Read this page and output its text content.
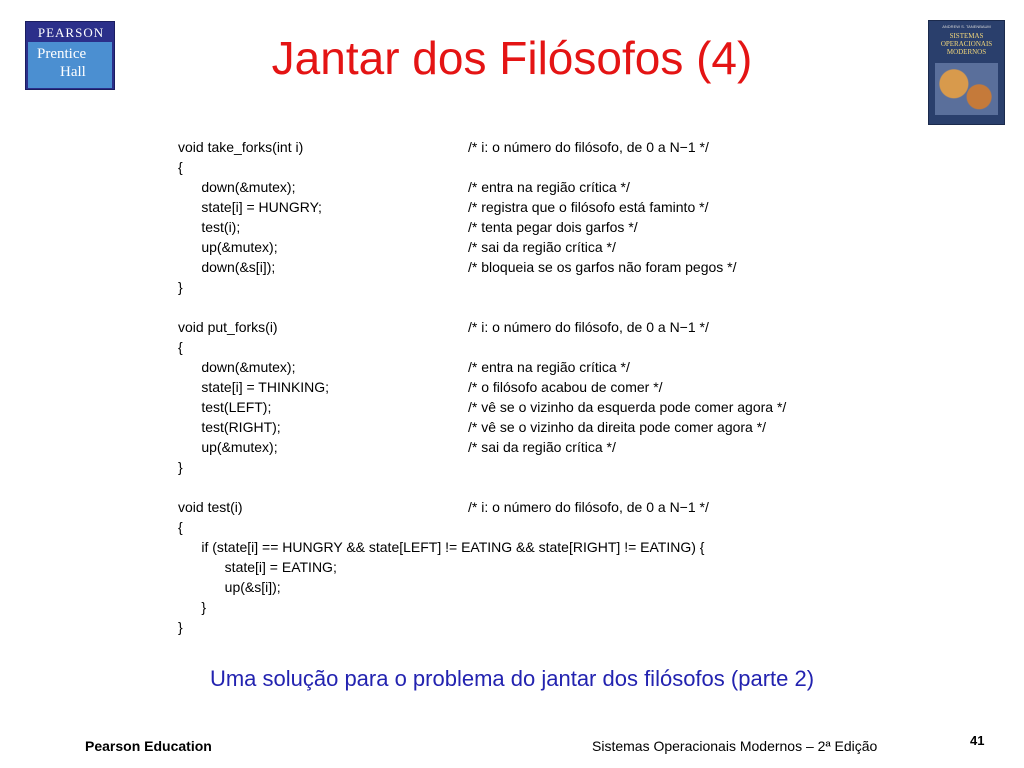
PEARSON
Prentice
Hall	Jantar dos Filósofos (4)
ANDREW S. TANENBAUM
SISTEMAS
OPERACIONAIS
MODERNOS
void take_forks(int i)	/* i: o número do filósofo, de 0 a N−1 */
{
down(&mutex);	/* entra na região crítica */
state[i] = HUNGRY;	/* registra que o filósofo está faminto */
test(i);	/* tenta pegar dois garfos */
up(&mutex);	/* sai da região crítica */
down(&s[i]);	/* bloqueia se os garfos não foram pegos */
}
void put_forks(i)	/* i: o número do filósofo, de 0 a N−1 */
{
down(&mutex);	/* entra na região crítica */
state[i] = THINKING;	/* o filósofo acabou de comer */
test(LEFT);	/* vê se o vizinho da esquerda pode comer agora */
test(RIGHT);	/* vê se o vizinho da direita pode comer agora */
up(&mutex);	/* sai da região crítica */
}
void test(i)	/* i: o número do filósofo, de 0 a N−1 */
{
if (state[i] == HUNGRY && state[LEFT] != EATING && state[RIGHT] != EATING) {
state[i] = EATING;
up(&s[i]);
}
}
Uma solução para o problema do jantar dos filósofos (parte 2)
Pearson Education	Sistemas Operacionais Modernos – 2ª Edição	41
